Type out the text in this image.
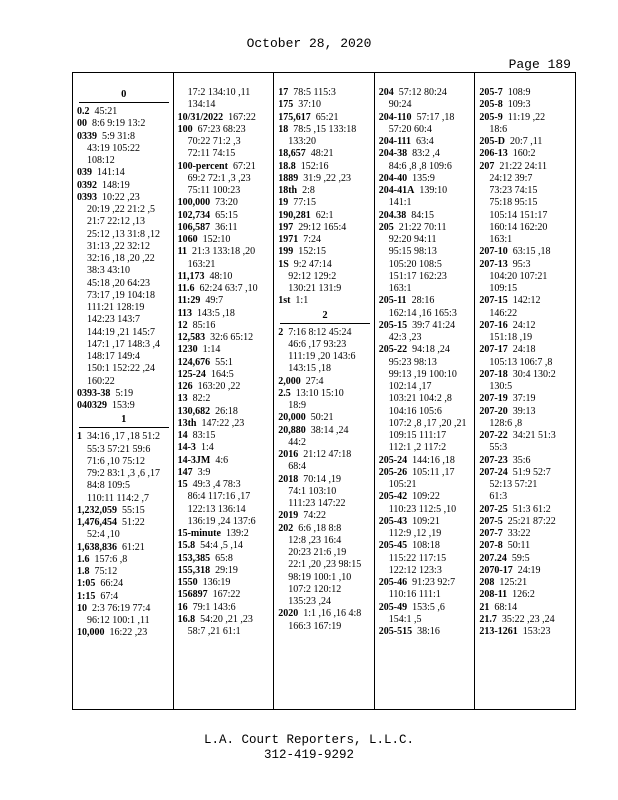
October 28, 2020
Page 189
0
0.2 45:21
00 8:6 9:19 13:2
0339 5:9 31:8
43:19 105:22
108:12
039 141:14
0392 148:19
0393 10:22 ,23
20:19 ,22 21:2 ,5
21:7 22:12 ,13
25:12 ,13 31:8 ,12
31:13 ,22 32:12
32:16 ,18 ,20 ,22
38:3 43:10
45:18 ,20 64:23
73:17 ,19 104:18
111:21 128:19
142:23 143:7
144:19 ,21 145:7
147:1 ,17 148:3 ,4
148:17 149:4
150:1 152:22 ,24
160:22
0393-38 5:19
040329 153:9
1
1 34:16 ,17 ,18 51:2
55:3 57:21 59:6
71:6 ,10 75:12
79:2 83:1 ,3 ,6 ,17
84:8 109:5
110:11 114:2 ,7
1,232,059 55:15
1,476,454 51:22
52:4 ,10
1,638,836 61:21
1.6 157:6 ,8
1.8 75:12
1:05 66:24
1:15 67:4
10 2:3 76:19 77:4
96:12 100:1 ,11
10,000 16:22 ,23
17:2 134:10 ,11
134:14
10/31/2022 167:22
100 67:23 68:23
70:22 71:2 ,3
72:11 74:15
100-percent 67:21
69:2 72:1 ,3 ,23
75:11 100:23
100,000 73:20
102,734 65:15
106,587 36:11
1060 152:10
11 21:3 133:18 ,20
163:21
11,173 48:10
11.6 62:24 63:7 ,10
11:29 49:7
113 143:5 ,18
12 85:16
12,583 32:6 65:12
1230 1:14
124,676 55:1
125-24 164:5
126 163:20 ,22
13 82:2
130,682 26:18
13th 147:22 ,23
14 83:15
14-3 1:4
14-3JM 4:6
147 3:9
15 49:3 ,4 78:3
86:4 117:16 ,17
122:13 136:14
136:19 ,24 137:6
15-minute 139:2
15.8 54:4 ,5 ,14
153,385 65:8
155,318 29:19
1550 136:19
156897 167:22
16 79:1 143:6
16.8 54:20 ,21 ,23
58:7 ,21 61:1
17 78:5 115:3
175 37:10
175,617 65:21
18 78:5 ,15 133:18
133:20
18,657 48:21
18.8 152:16
1889 31:9 ,22 ,23
18th 2:8
19 77:15
190,281 62:1
197 29:12 165:4
1971 7:24
199 152:15
1S 9:2 47:14
92:12 129:2
130:21 131:9
1st 1:1
2
2 7:16 8:12 45:24
46:6 ,17 93:23
111:19 ,20 143:6
143:15 ,18
2,000 27:4
2.5 13:10 15:10
18:9
20,000 50:21
20,880 38:14 ,24
44:2
2016 21:12 47:18
68:4
2018 70:14 ,19
74:1 103:10
111:23 147:22
2019 74:22
202 6:6 ,18 8:8
12:8 ,23 16:4
20:23 21:6 ,19
22:1 ,20 ,23 98:15
98:19 100:1 ,10
107:2 120:12
135:23 ,24
2020 1:1 ,16 ,16 4:8
166:3 167:19
204 57:12 80:24
90:24
204-110 57:17 ,18
57:20 60:4
204-111 63:4
204-38 83:2 ,4
84:6 ,8 ,8 109:6
204-40 135:9
204-41A 139:10
141:1
204.38 84:15
205 21:22 70:11
92:20 94:11
95:15 98:13
105:20 108:5
151:17 162:23
163:1
205-11 28:16
162:14 ,16 165:3
205-15 39:7 41:24
42:3 ,23
205-22 94:18 ,24
95:23 98:13
99:13 ,19 100:10
102:14 ,17
103:21 104:2 ,8
104:16 105:6
107:2 ,8 ,17 ,20 ,21
109:15 111:17
112:1 ,2 117:2
205-24 144:16 ,18
205-26 105:11 ,17
105:21
205-42 109:22
110:23 112:5 ,10
205-43 109:21
112:9 ,12 ,19
205-45 108:18
115:22 117:15
122:12 123:3
205-46 91:23 92:7
110:16 111:1
205-49 153:5 ,6
154:1 ,5
205-515 38:16
205-7 108:9
205-8 109:3
205-9 11:19 ,22
18:6
205-D 20:7 ,11
206-13 160:2
207 21:22 24:11
24:12 39:7
73:23 74:15
75:18 95:15
105:14 151:17
160:14 162:20
163:1
207-10 63:15 ,18
207-13 95:3
104:20 107:21
109:15
207-15 142:12
146:22
207-16 24:12
151:18 ,19
207-17 24:18
105:13 106:7 ,8
207-18 30:4 130:2
130:5
207-19 37:19
207-20 39:13
128:6 ,8
207-22 34:21 51:3
55:3
207-23 35:6
207-24 51:9 52:7
52:13 57:21
61:3
207-25 51:3 61:2
207-5 25:21 87:22
207-7 33:22
207-8 50:11
207.24 59:5
2070-17 24:19
208 125:21
208-11 126:2
21 68:14
21.7 35:22 ,23 ,24
213-1261 153:23
L.A. Court Reporters, L.L.C.
312-419-9292
